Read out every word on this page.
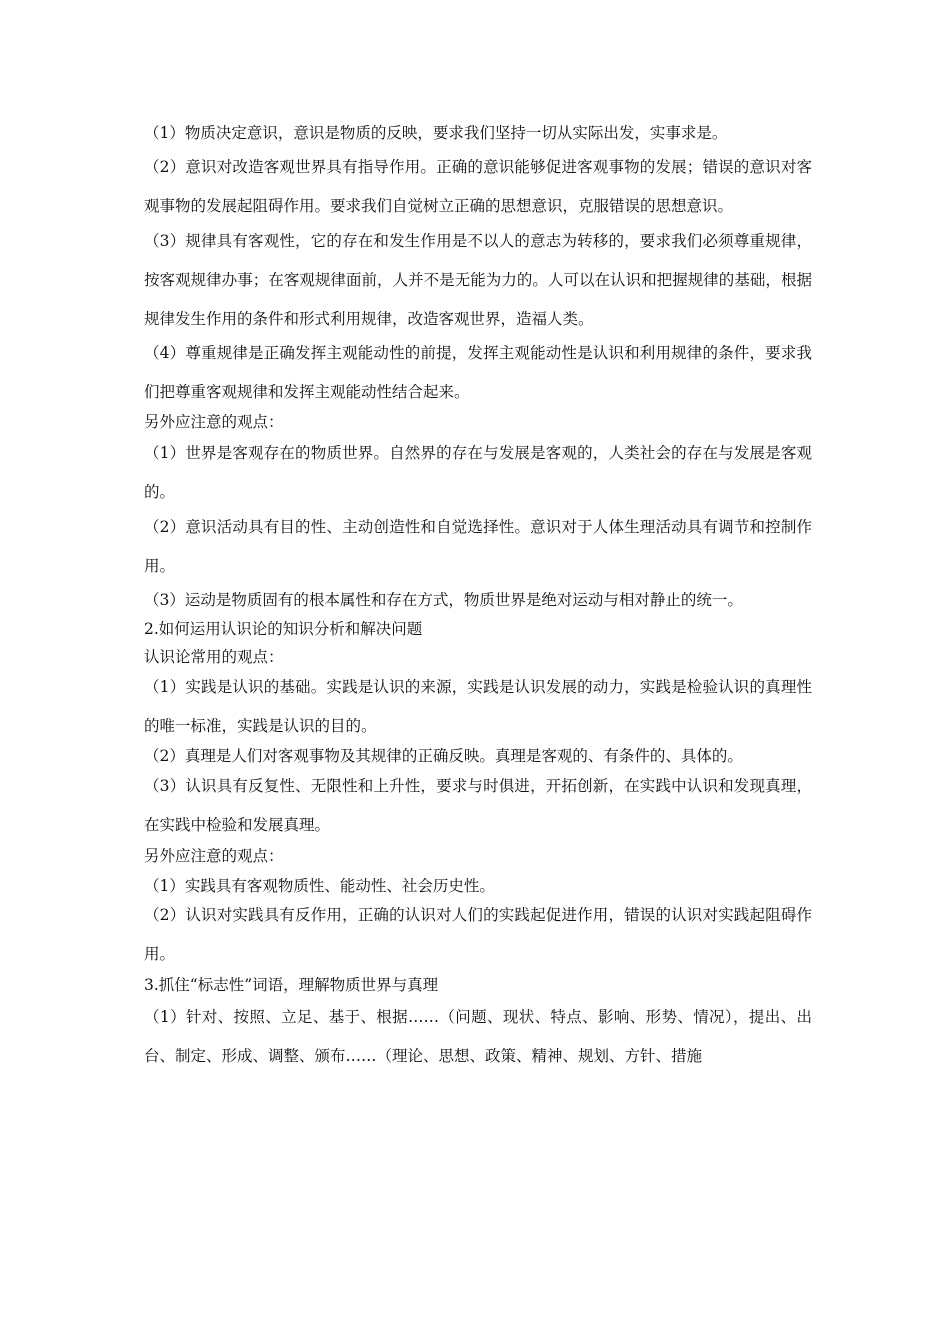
（1）物质决定意识，意识是物质的反映，要求我们坚持一切从实际出发，实事求是。

（2）意识对改造客观世界具有指导作用。正确的意识能够促进客观事物的发展；错误的意识对客观事物的发展起阻碍作用。要求我们自觉树立正确的思想意识，克服错误的思想意识。

（3）规律具有客观性，它的存在和发生作用是不以人的意志为转移的，要求我们必须尊重规律，按客观规律办事；在客观规律面前，人并不是无能为力的。人可以在认识和把握规律的基础，根据规律发生作用的条件和形式利用规律，改造客观世界，造福人类。

（4）尊重规律是正确发挥主观能动性的前提，发挥主观能动性是认识和利用规律的条件，要求我们把尊重客观规律和发挥主观能动性结合起来。

另外应注意的观点：

（1）世界是客观存在的物质世界。自然界的存在与发展是客观的，人类社会的存在与发展是客观的。

（2）意识活动具有目的性、主动创造性和自觉选择性。意识对于人体生理活动具有调节和控制作用。

（3）运动是物质固有的根本属性和存在方式，物质世界是绝对运动与相对静止的统一。

2.如何运用认识论的知识分析和解决问题

认识论常用的观点：

（1）实践是认识的基础。实践是认识的来源，实践是认识发展的动力，实践是检验认识的真理性的唯一标准，实践是认识的目的。

（2）真理是人们对客观事物及其规律的正确反映。真理是客观的、有条件的、具体的。

（3）认识具有反复性、无限性和上升性，要求与时俱进，开拓创新，在实践中认识和发现真理，在实践中检验和发展真理。

另外应注意的观点：

（1）实践具有客观物质性、能动性、社会历史性。

（2）认识对实践具有反作用，正确的认识对人们的实践起促进作用，错误的认识对实践起阻碍作用。

3.抓住“标志性”词语，理解物质世界与真理

（1）针对、按照、立足、基于、根据……（问题、现状、特点、影响、形势、情况），提出、出台、制定、形成、调整、颁布……（理论、思想、政策、精神、规划、方针、措施
